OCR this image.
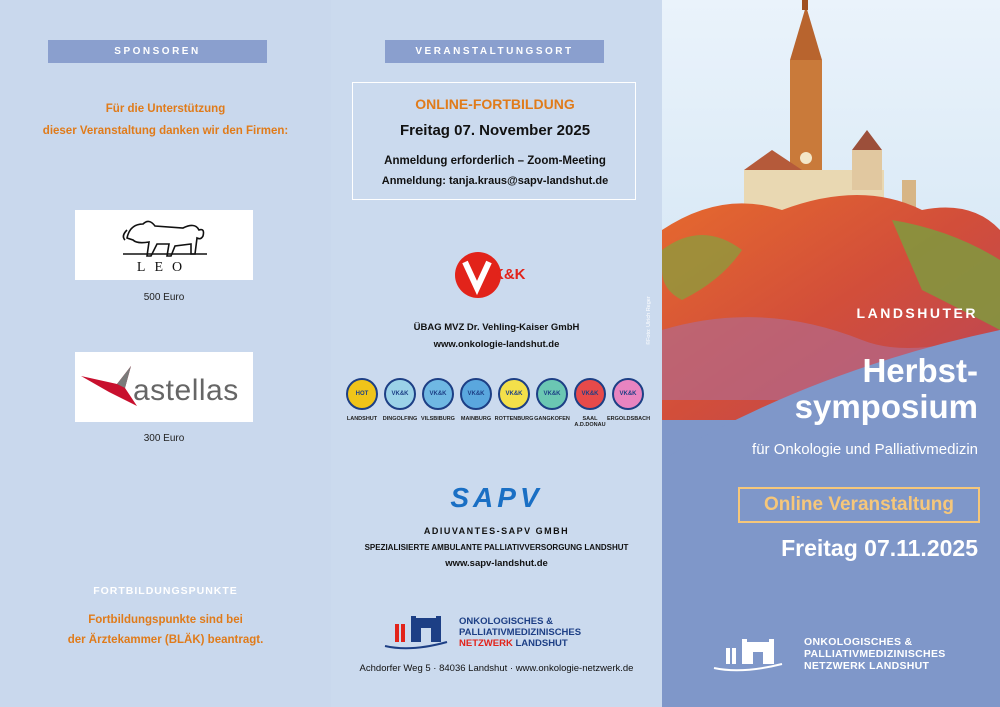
SPONSOREN
Für die Unterstützung
dieser Veranstaltung danken wir den Firmen:
LEO
500 Euro
astellas
300 Euro
FORTBILDUNGSPUNKTE
Fortbildungspunkte sind bei
der Ärztekammer (BLÄK) beantragt.
VERANSTALTUNGSORT
ONLINE-FORTBILDUNG
Freitag 07. November 2025
Anmeldung erforderlich – Zoom-Meeting
Anmeldung: tanja.kraus@sapv-landshut.de
K&K
ÜBAG MVZ Dr. Vehling-Kaiser GmbH
www.onkologie-landshut.de
HOT	VK&K	VK&K	VK&K	VK&K	VK&K	VK&K	VK&K
LANDSHUT	DINGOLFING VILSBIBURG	MAINBURG ROTTENBURG GANGKOFEN	SAAL A.D.DONAU
ERGOLDSBACH
SAPV
ADIUVANTES-SAPV GMBH
SPEZIALISIERTE AMBULANTE PALLIATIVVERSORGUNG LANDSHUT
www.sapv-landshut.de
ONKOLOGISCHES &
PALLIATIVMEDIZINISCHES
NETZWERK LANDSHUT
Achdorfer Weg 5 · 84036 Landshut · www.onkologie-netzwerk.de
©Foto: Ulrich Reger	LANDSHUTER
Herbst-
symposium
für Onkologie und Palliativmedizin
Online Veranstaltung
Freitag 07.11.2025
ONKOLOGISCHES &
PALLIATIVMEDIZINISCHES
NETZWERK LANDSHUT
